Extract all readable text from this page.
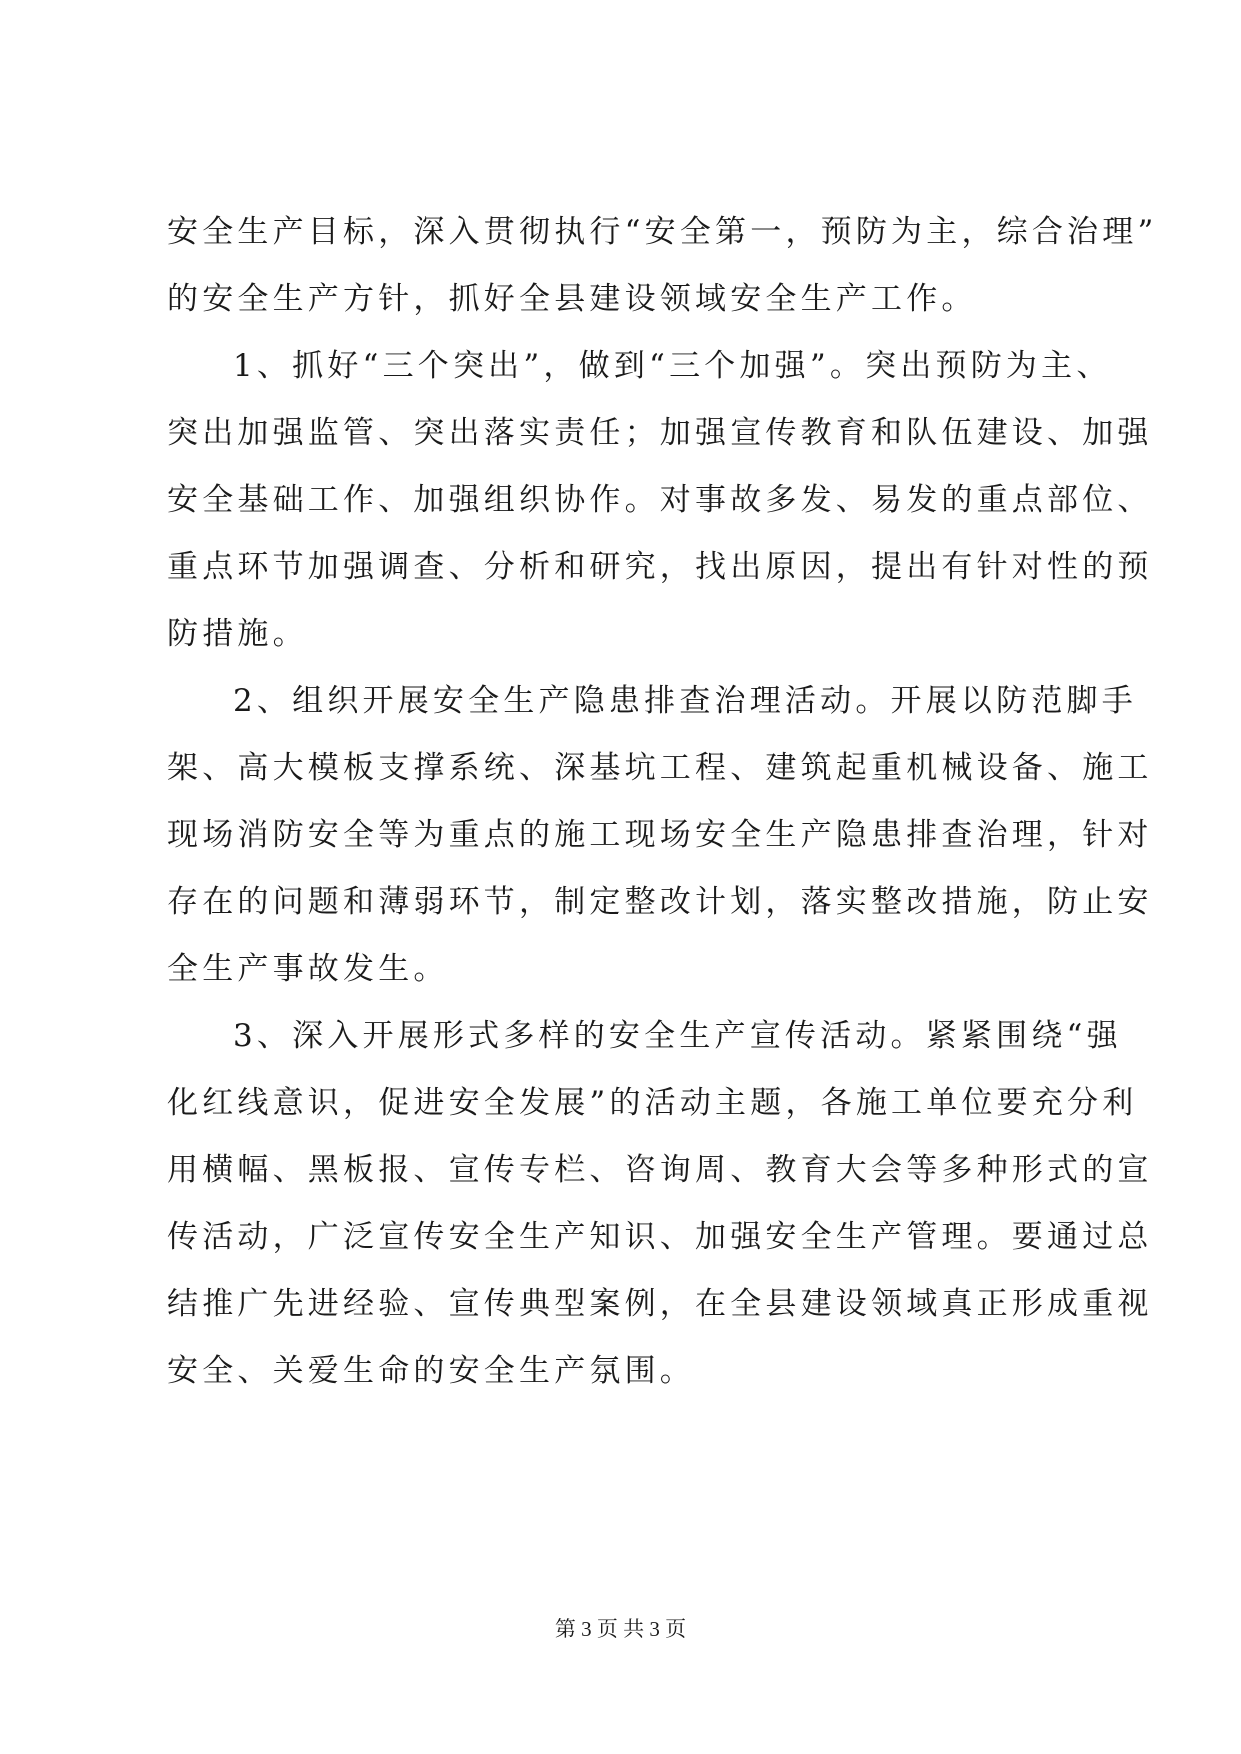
安全生产目标，深入贯彻执行“安全第一，预防为主，综合治理”
的安全生产方针，抓好全县建设领域安全生产工作。
1、抓好“三个突出”，做到“三个加强”。突出预防为主、
突出加强监管、突出落实责任；加强宣传教育和队伍建设、加强
安全基础工作、加强组织协作。对事故多发、易发的重点部位、
重点环节加强调查、分析和研究，找出原因，提出有针对性的预
防措施。
2、组织开展安全生产隐患排查治理活动。开展以防范脚手
架、高大模板支撑系统、深基坑工程、建筑起重机械设备、施工
现场消防安全等为重点的施工现场安全生产隐患排查治理，针对
存在的问题和薄弱环节，制定整改计划，落实整改措施，防止安
全生产事故发生。
3、深入开展形式多样的安全生产宣传活动。紧紧围绕“强
化红线意识，促进安全发展”的活动主题，各施工单位要充分利
用横幅、黑板报、宣传专栏、咨询周、教育大会等多种形式的宣
传活动，广泛宣传安全生产知识、加强安全生产管理。要通过总
结推广先进经验、宣传典型案例，在全县建设领域真正形成重视
安全、关爱生命的安全生产氛围。
第 3 页 共 3 页
